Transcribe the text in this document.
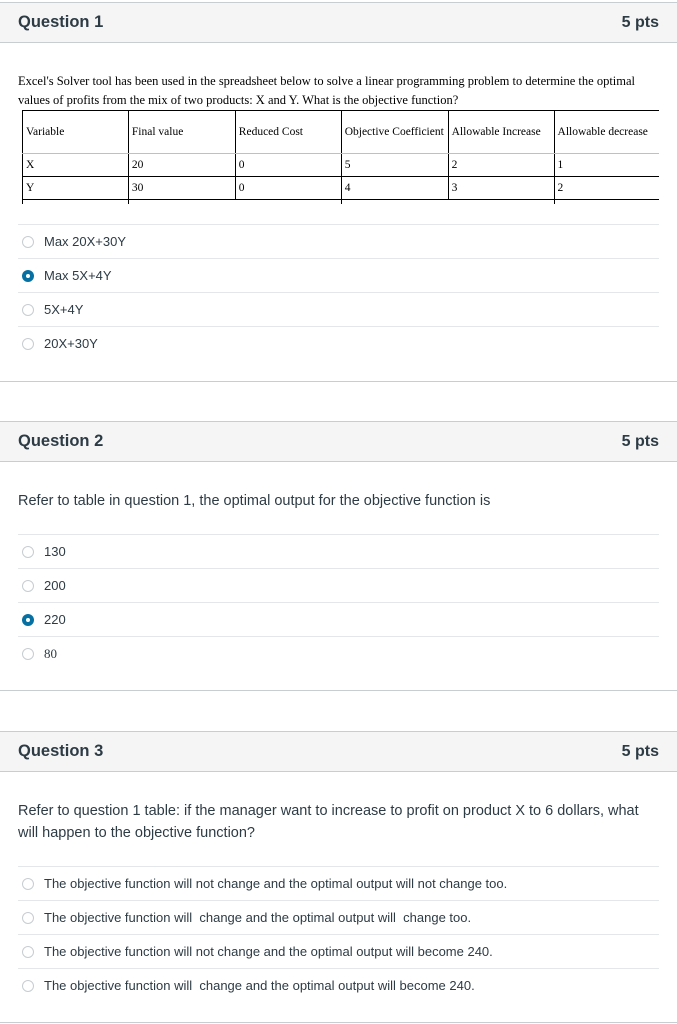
Question 1	5 pts
Excel's Solver tool has been used in the spreadsheet below to solve a linear programming problem to determine the optimal values of profits from the mix of two products: X and Y. What is the objective function?
Variable	Final value	Reduced Cost	Objective Coefficient	Allowable Increase	Allowable decrease
X	20	0	5	2	1
Y	30	0	4	3	2

Max 20X+30Y
Max 5X+4Y
5X+4Y
20X+30Y
Question 2	5 pts
Refer to table in question 1, the optimal output for the objective function is
130
200
220
80
Question 3	5 pts
Refer to question 1 table: if the manager want to increase to profit on product X to 6 dollars, what will happen to the objective function?
The objective function will not change and the optimal output will not change too.
The objective function will  change and the optimal output will  change too.
The objective function will not change and the optimal output will become 240.
The objective function will  change and the optimal output will become 240.
